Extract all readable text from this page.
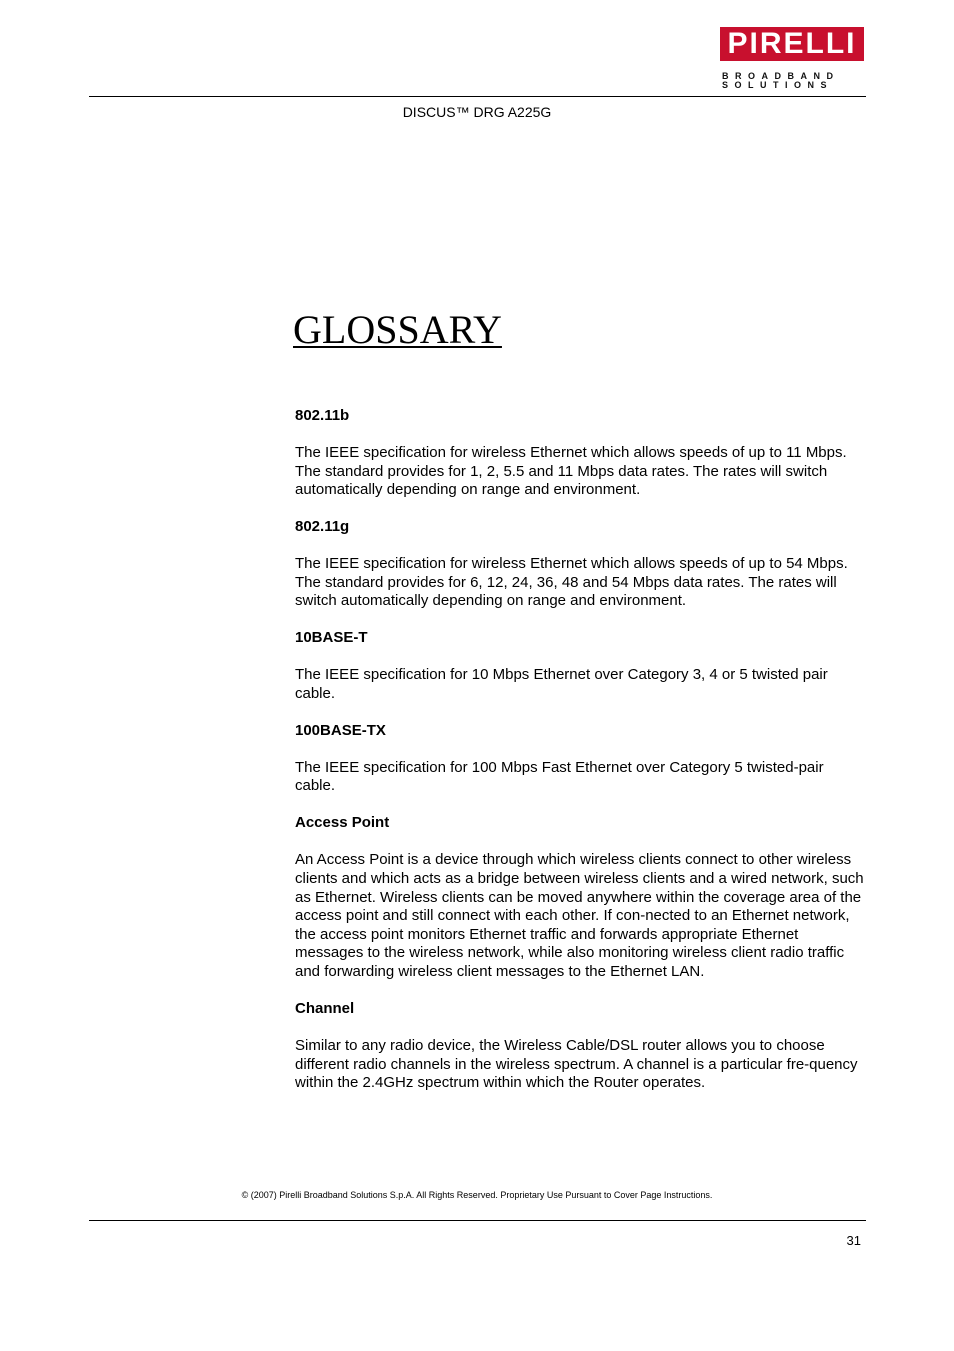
PIRELLI
BROADBAND
SOLUTIONS
DISCUS™ DRG A225G
GLOSSARY
802.11b
The IEEE specification for wireless Ethernet which allows speeds of up to 11 Mbps. The standard provides for 1, 2, 5.5 and 11 Mbps data rates. The rates will switch automatically depending on range and environment.
802.11g
The IEEE specification for wireless Ethernet which allows speeds of up to 54 Mbps. The standard provides for 6, 12, 24, 36, 48 and 54 Mbps data rates. The rates will switch automatically depending on range and environment.
10BASE-T
The IEEE specification for 10 Mbps Ethernet over Category 3, 4 or 5 twisted pair cable.
100BASE-TX
The IEEE specification for 100 Mbps Fast Ethernet over Category 5 twisted-pair cable.
Access Point
An Access Point is a device through which wireless clients connect to other wireless clients and which acts as a bridge between wireless clients and a wired network, such as Ethernet. Wireless clients can be moved anywhere within the coverage area of the access point and still connect with each other. If con-nected to an Ethernet network, the access point monitors Ethernet traffic and forwards appropriate Ethernet messages to the wireless network, while also monitoring wireless client radio traffic and forwarding wireless client messages to the Ethernet LAN.
Channel
Similar to any radio device, the Wireless Cable/DSL router allows you to choose different radio channels in the wireless spectrum. A channel is a particular fre-quency within the 2.4GHz spectrum within which the Router operates.
© (2007) Pirelli Broadband Solutions S.p.A. All Rights Reserved. Proprietary Use Pursuant to Cover Page Instructions.
31
